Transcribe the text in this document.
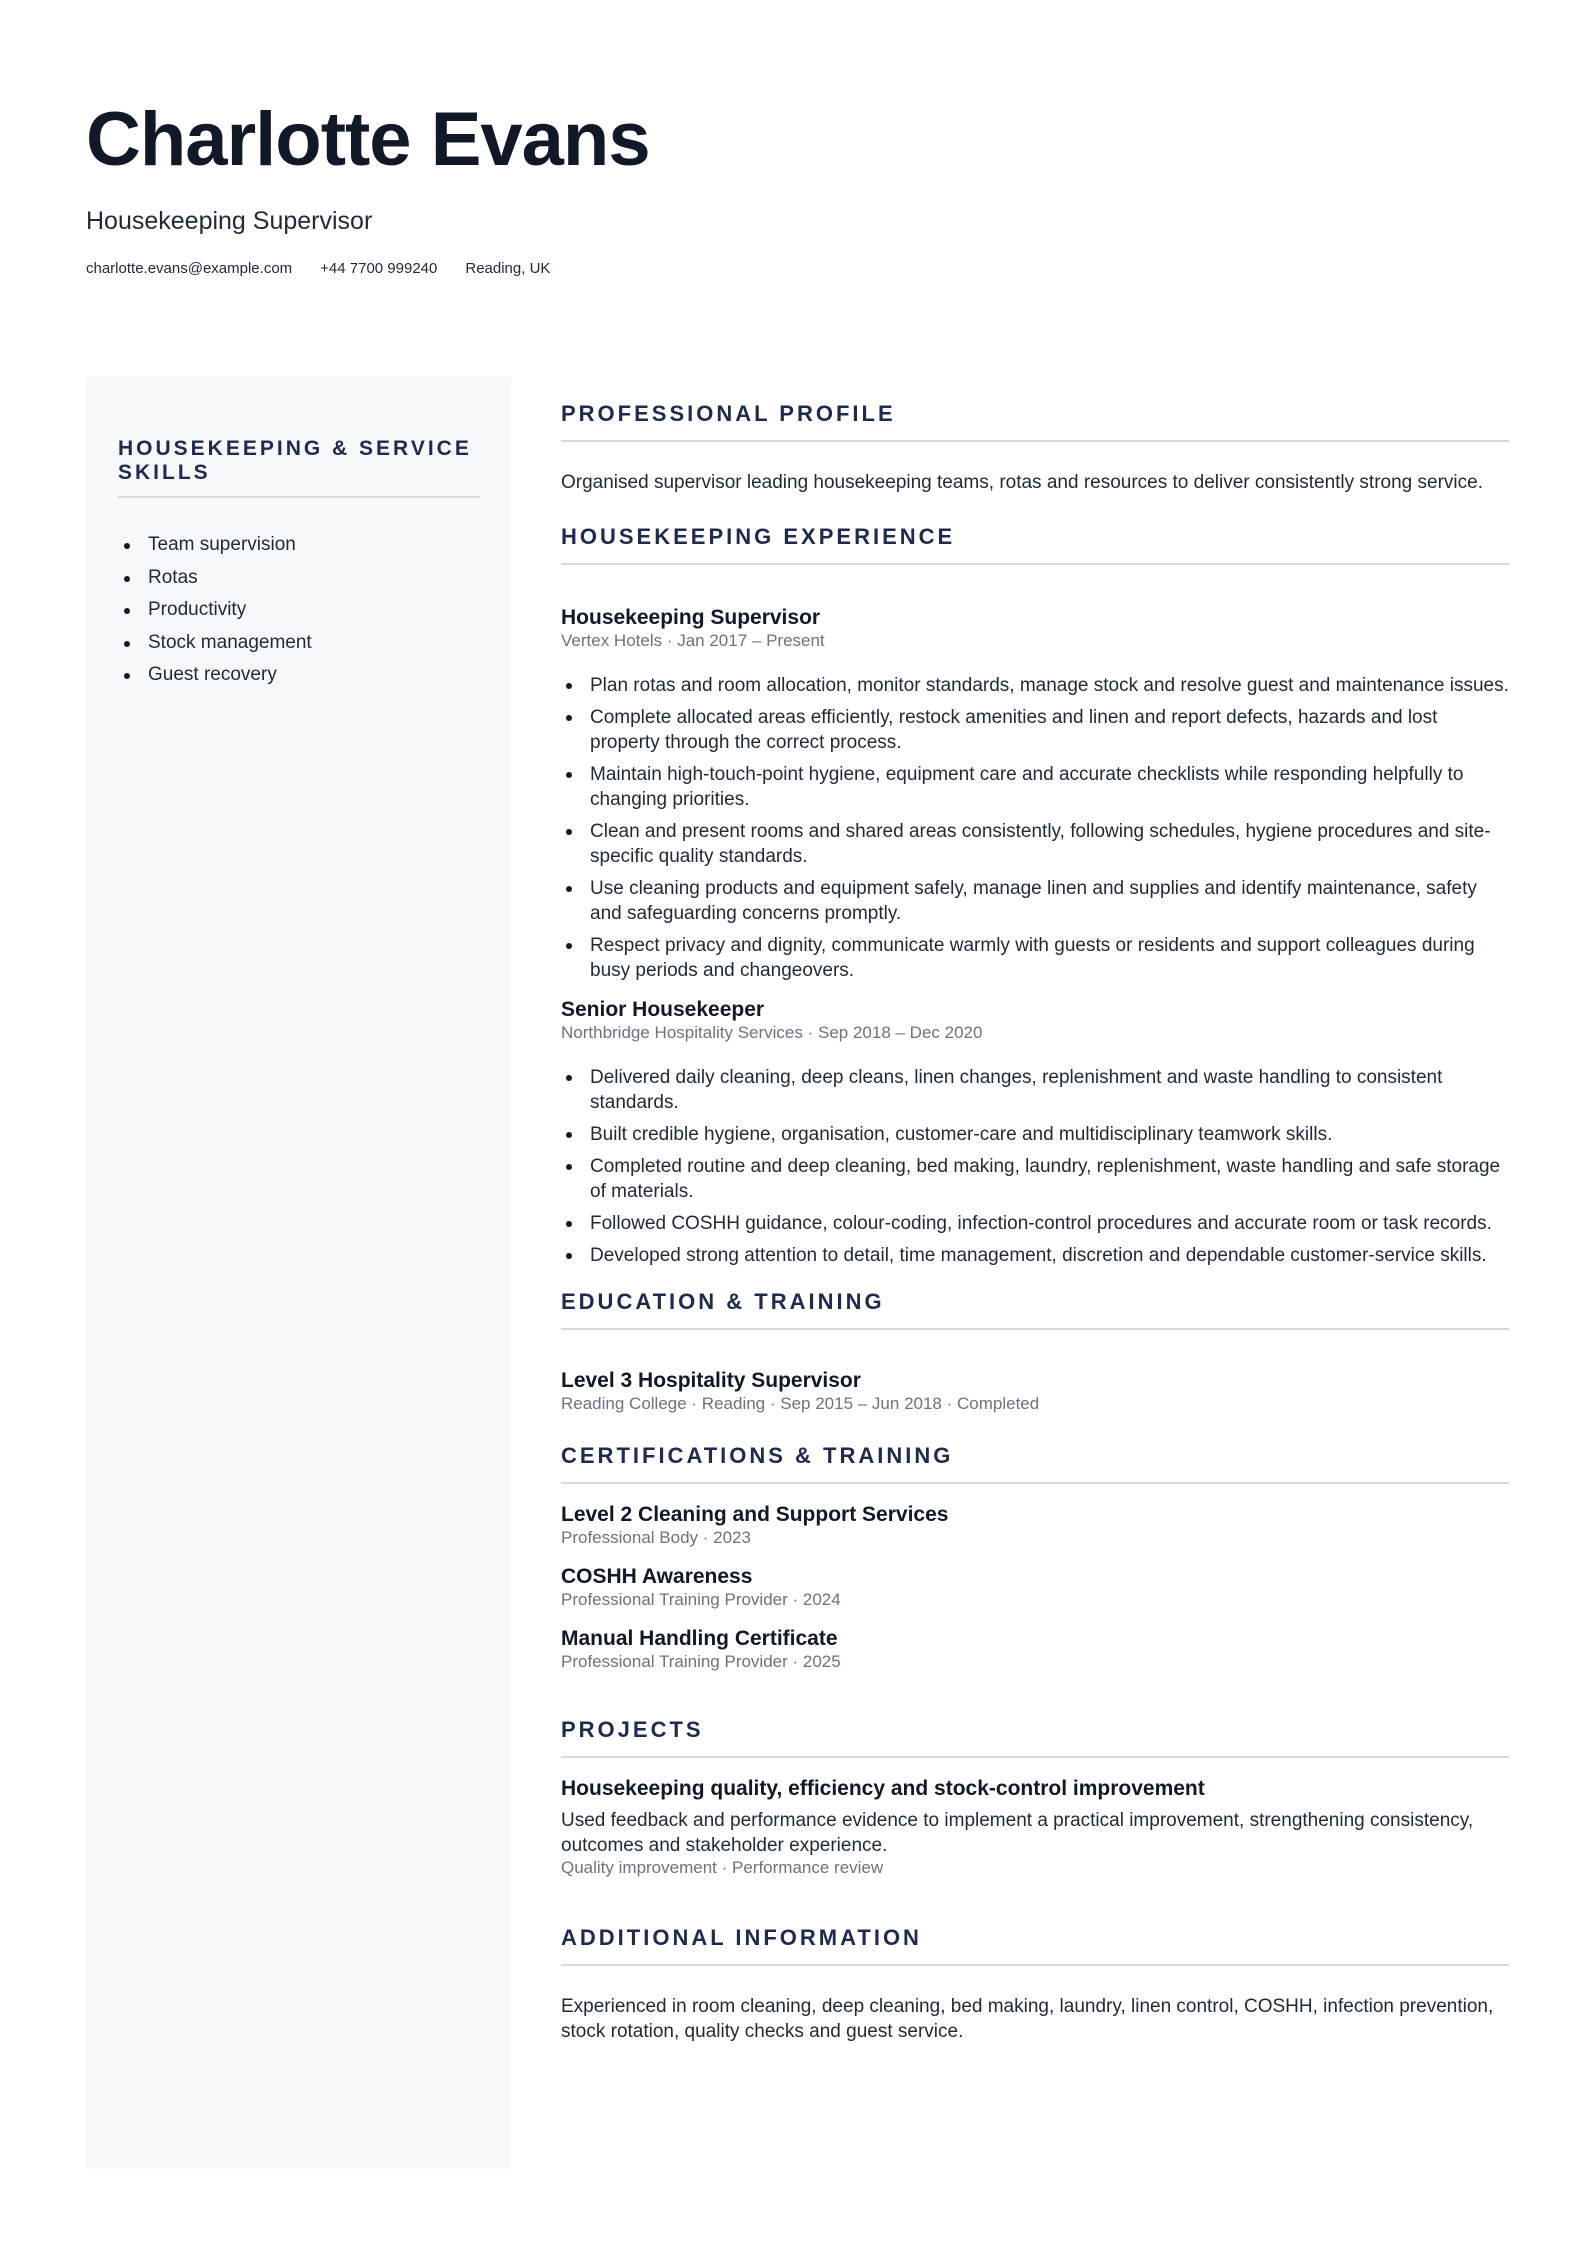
Charlotte Evans
Housekeeping Supervisor
charlotte.evans@example.com +44 7700 999240 Reading, UK
HOUSEKEEPING & SERVICE SKILLS
Team supervision
Rotas
Productivity
Stock management
Guest recovery
PROFESSIONAL PROFILE

Organised supervisor leading housekeeping teams, rotas and resources to deliver consistently strong service.

HOUSEKEEPING EXPERIENCE
Housekeeping Supervisor
Vertex Hotels · Jan 2017 – Present
Plan rotas and room allocation, monitor standards, manage stock and resolve guest and maintenance issues.
Complete allocated areas efficiently, restock amenities and linen and report defects, hazards and lost property through the correct process.
Maintain high-touch-point hygiene, equipment care and accurate checklists while responding helpfully to changing priorities.
Clean and present rooms and shared areas consistently, following schedules, hygiene procedures and site-specific quality standards.
Use cleaning products and equipment safely, manage linen and supplies and identify maintenance, safety and safeguarding concerns promptly.
Respect privacy and dignity, communicate warmly with guests or residents and support colleagues during busy periods and changeovers.
Senior Housekeeper
Northbridge Hospitality Services · Sep 2018 – Dec 2020
Delivered daily cleaning, deep cleans, linen changes, replenishment and waste handling to consistent standards.
Built credible hygiene, organisation, customer-care and multidisciplinary teamwork skills.
Completed routine and deep cleaning, bed making, laundry, replenishment, waste handling and safe storage of materials.
Followed COSHH guidance, colour-coding, infection-control procedures and accurate room or task records.
Developed strong attention to detail, time management, discretion and dependable customer-service skills.
EDUCATION & TRAINING
Level 3 Hospitality Supervisor
Reading College · Reading · Sep 2015 – Jun 2018 · Completed
CERTIFICATIONS & TRAINING
Level 2 Cleaning and Support Services
Professional Body · 2023
COSHH Awareness
Professional Training Provider · 2024
Manual Handling Certificate
Professional Training Provider · 2025
PROJECTS
Housekeeping quality, efficiency and stock-control improvement

Used feedback and performance evidence to implement a practical improvement, strengthening consistency, outcomes and stakeholder experience.

Quality improvement · Performance review
ADDITIONAL INFORMATION

Experienced in room cleaning, deep cleaning, bed making, laundry, linen control, COSHH, infection prevention, stock rotation, quality checks and guest service.
